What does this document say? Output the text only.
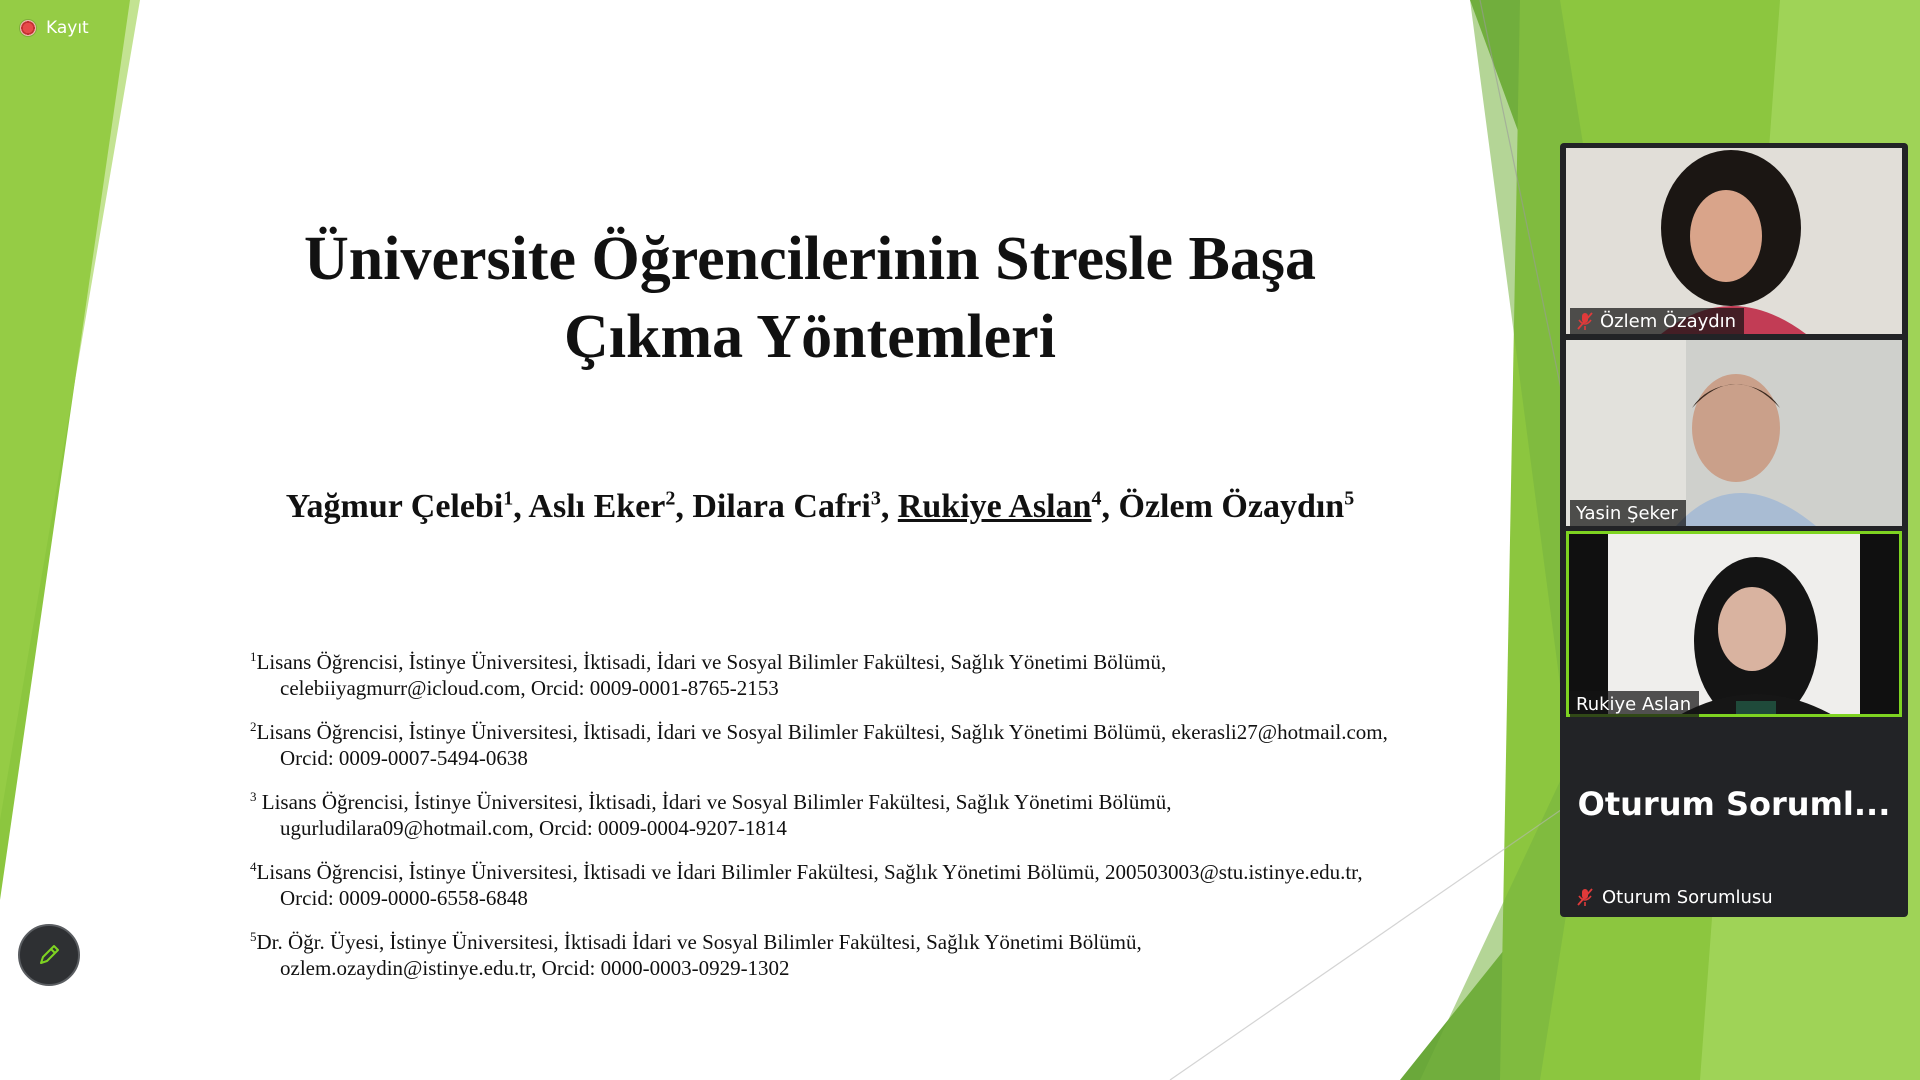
Kayıt
Üniversite Öğrencilerinin Stresle Başa
Çıkma Yöntemleri
Yağmur Çelebi$^1$, Aslı Eker$^2$, Dilara Cafri$^3$, Rukiye Aslan$^4$, Özlem Özaydın$^5$
$^1$Lisans Öğrencisi, İstinye Üniversitesi, İktisadi, İdari ve Sosyal Bilimler Fakültesi, Sağlık Yönetimi Bölümü,
celebiiyagmurr@icloud.com, Orcid: 0009-0001-8765-2153
$^2$Lisans Öğrencisi, İstinye Üniversitesi, İktisadi, İdari ve Sosyal Bilimler Fakültesi, Sağlık Yönetimi Bölümü, ekerasli27@hotmail.com,
Orcid: 0009-0007-5494-0638
$^3$ Lisans Öğrencisi, İstinye Üniversitesi, İktisadi, İdari ve Sosyal Bilimler Fakültesi, Sağlık Yönetimi Bölümü,
ugurludilara09@hotmail.com, Orcid: 0009-0004-9207-1814
$^4$Lisans Öğrencisi, İstinye Üniversitesi, İktisadi ve İdari Bilimler Fakültesi, Sağlık Yönetimi Bölümü, 200503003@stu.istinye.edu.tr,
Orcid: 0009-0000-6558-6848
$^5$Dr. Öğr. Üyesi, İstinye Üniversitesi, İktisadi İdari ve Sosyal Bilimler Fakültesi, Sağlık Yönetimi Bölümü,
ozlem.ozaydin@istinye.edu.tr, Orcid: 0000-0003-0929-1302
Özlem Özaydın
Yasin Şeker
Rukiye Aslan
Oturum Soruml...
Oturum Sorumlusu
